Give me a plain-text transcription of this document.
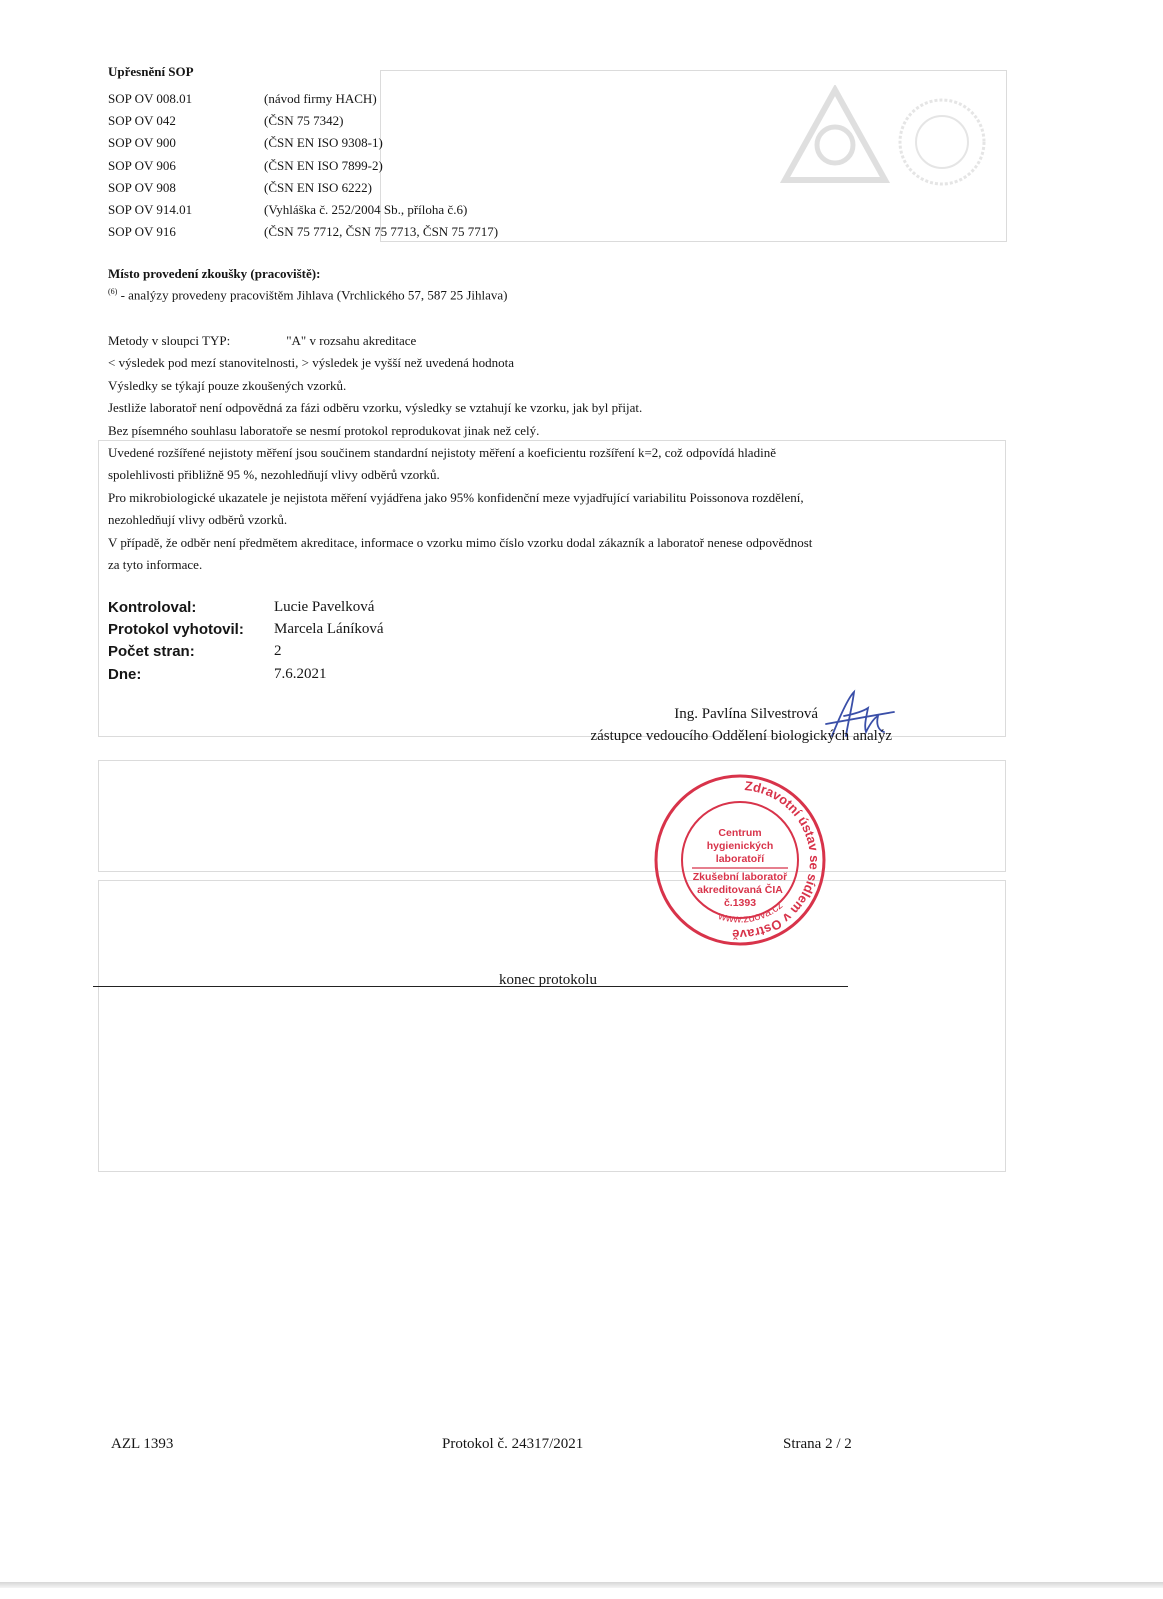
Upřesnění SOP
SOP OV 008.01	(návod firmy HACH)
SOP OV 042	(ČSN 75 7342)
SOP OV 900	(ČSN EN ISO 9308-1)
SOP OV 906	(ČSN EN ISO 7899-2)
SOP OV 908	(ČSN EN ISO 6222)
SOP OV 914.01	(Vyhláška č. 252/2004 Sb., příloha č.6)
SOP OV 916	(ČSN 75 7712, ČSN 75 7713, ČSN 75 7717)
Místo provedení zkoušky (pracoviště):
$^{(6)}$ - analýzy provedeny pracovištěm Jihlava (Vrchlického 57, 587 25 Jihlava)
Metody v sloupci TYP:	"A" v rozsahu akreditace
< výsledek pod mezí stanovitelnosti, > výsledek je vyšší než uvedená hodnota
Výsledky se týkají pouze zkoušených vzorků.
Jestliže laboratoř není odpovědná za fázi odběru vzorku, výsledky se vztahují ke vzorku, jak byl přijat.
Bez písemného souhlasu laboratoře se nesmí protokol reprodukovat jinak než celý.
Uvedené rozšířené nejistoty měření jsou součinem standardní nejistoty měření a koeficientu rozšíření k=2, což odpovídá hladině
spolehlivosti přibližně 95 %, nezohledňují vlivy odběrů vzorků.
Pro mikrobiologické ukazatele je nejistota měření vyjádřena jako 95% konfidenční meze vyjadřující variabilitu Poissonova rozdělení,
nezohledňují vlivy odběrů vzorků.
V případě, že odběr není předmětem akreditace, informace o vzorku mimo číslo vzorku dodal zákazník a laboratoř nenese odpovědnost
za tyto informace.
Kontroloval:	Lucie Pavelková
Protokol vyhotovil:	Marcela Láníková
Počet stran:	2
Dne:	7.6.2021
Ing. Pavlína Silvestrová
zástupce vedoucího Oddělení biologických analýz
Zdravotní ústav se sídlem v Ostravě
www.zuova.cz
Centrum
hygienických
laboratoří
Zkušební laboratoř
akreditovaná ČIA
č.1393
konec protokolu
AZL 1393	Protokol č. 24317/2021	Strana 2 / 2
